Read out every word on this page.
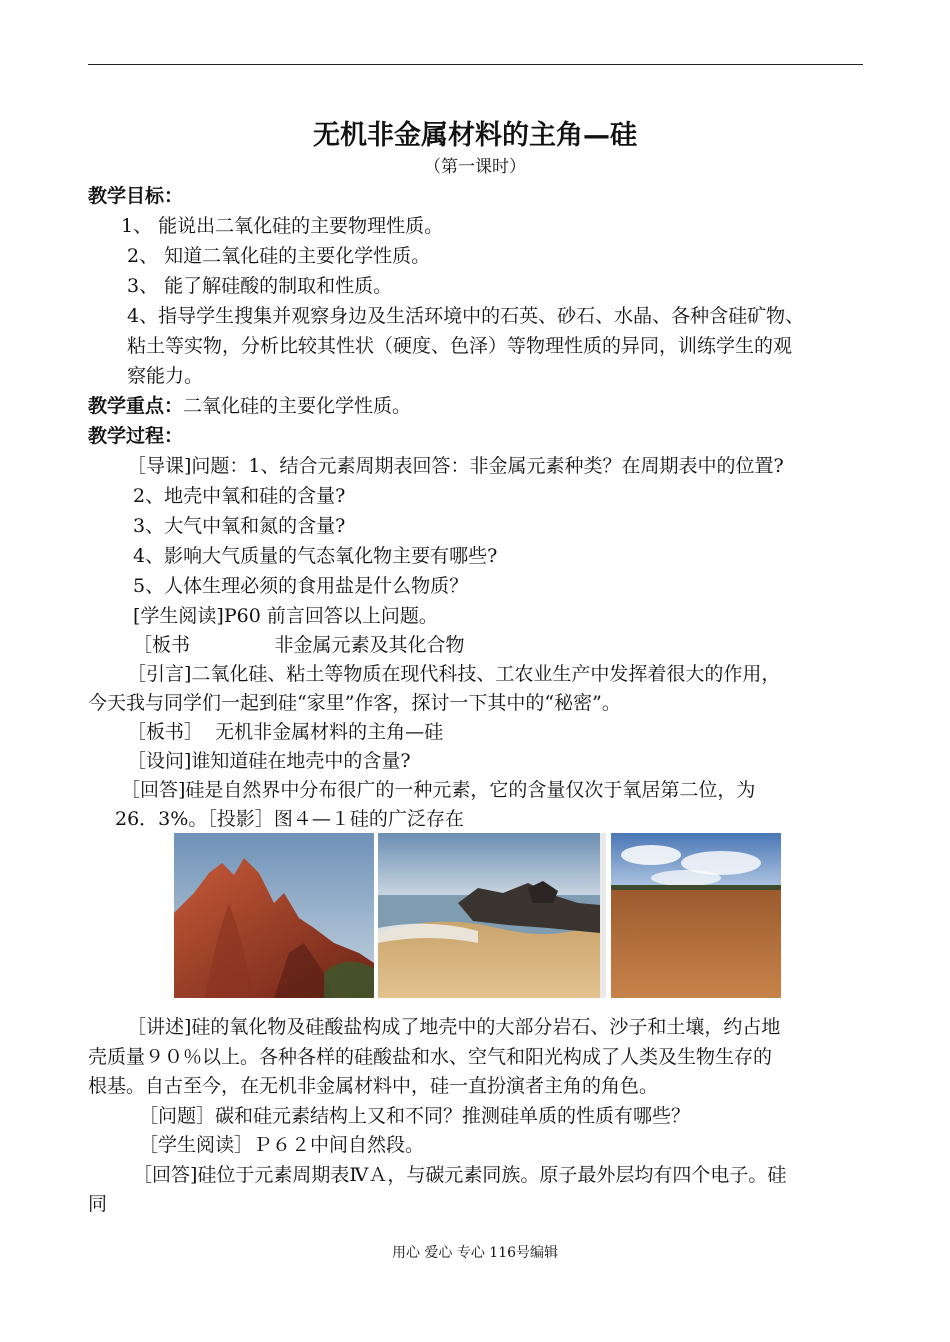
无机非金属材料的主角—硅
（第一课时）
教学目标：
1、 能说出二氧化硅的主要物理性质。
2、 知道二氧化硅的主要化学性质。
3、 能了解硅酸的制取和性质。
4、指导学生搜集并观察身边及生活环境中的石英、砂石、水晶、各种含硅矿物、
粘土等实物，分析比较其性状（硬度、色泽）等物理性质的异同，训练学生的观
察能力。
教学重点：二氧化硅的主要化学性质。
教学过程：
［导课]问题：1、结合元素周期表回答：非金属元素种类？在周期表中的位置?
2、地壳中氧和硅的含量?
3、大气中氧和氮的含量?
4、影响大气质量的气态氧化物主要有哪些?
5、人体生理必须的食用盐是什么物质？
[学生阅读]P60 前言回答以上问题。
［板书              非金属元素及其化合物
［引言]二氧化硅、粘土等物质在现代科技、工农业生产中发挥着很大的作用，
今天我与同学们一起到硅“家里”作客，探讨一下其中的“秘密”。
［板书］  无机非金属材料的主角—硅
［设问]谁知道硅在地壳中的含量?
［回答]硅是自然界中分布很广的一种元素，它的含量仅次于氧居第二位，为
26．3%。［投影］图４—１硅的广泛存在
［讲述]硅的氧化物及硅酸盐构成了地壳中的大部分岩石、沙子和土壤，约占地
壳质量９０％以上。各种各样的硅酸盐和水、空气和阳光构成了人类及生物生存的
根基。自古至今，在无机非金属材料中，硅一直扮演者主角的角色。
［问题］碳和硅元素结构上又和不同？推测硅单质的性质有哪些？
［学生阅读］Ｐ６２中间自然段。
［回答]硅位于元素周期表ⅣＡ，与碳元素同族。原子最外层均有四个电子。硅
同
用心 爱心 专心 116号编辑
